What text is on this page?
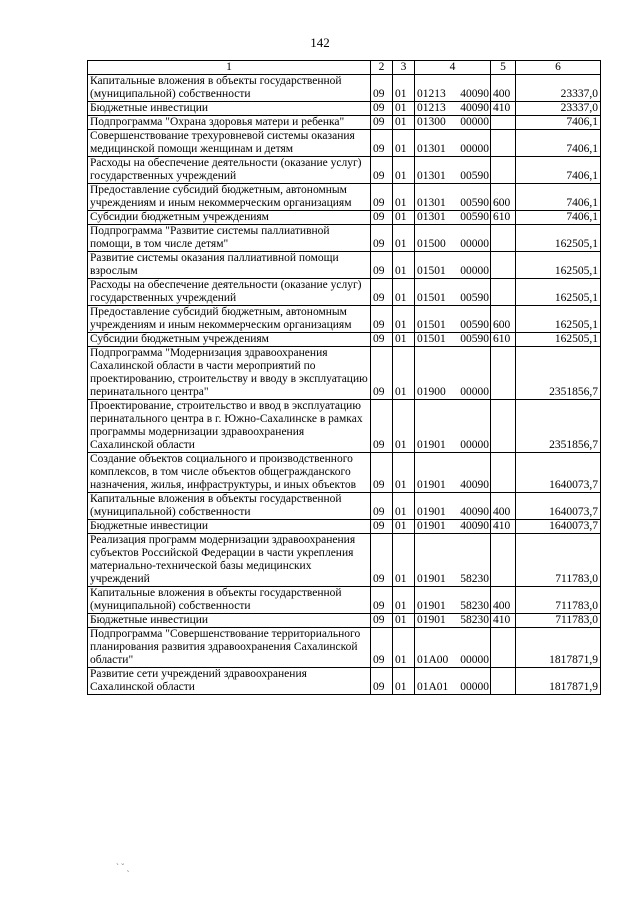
142
1	2	3	4	5	6
Капитальные вложения в объекты государственной (муниципальной) собственности	09	01	01213 40090	400	23337,0
Бюджетные инвестиции	09	01	01213 40090	410	23337,0
Подпрограмма "Охрана здоровья матери и ребенка"	09	01	01300 00000		7406,1
Совершенствование трехуровневой системы оказания медицинской помощи женщинам и детям	09	01	01301 00000		7406,1
Расходы на обеспечение деятельности (оказание услуг) государственных учреждений	09	01	01301 00590		7406,1
Предоставление субсидий бюджетным, автономным учреждениям и иным некоммерческим организациям	09	01	01301 00590	600	7406,1
Субсидии бюджетным учреждениям	09	01	01301 00590	610	7406,1
Подпрограмма "Развитие системы паллиативной помощи, в том числе детям"	09	01	01500 00000		162505,1
Развитие системы оказания паллиативной помощи взрослым	09	01	01501 00000		162505,1
Расходы на обеспечение деятельности (оказание услуг) государственных учреждений	09	01	01501 00590		162505,1
Предоставление субсидий бюджетным, автономным учреждениям и иным некоммерческим организациям	09	01	01501 00590	600	162505,1
Субсидии бюджетным учреждениям	09	01	01501 00590	610	162505,1
Подпрограмма "Модернизация здравоохранения Сахалинской области в части мероприятий по проектированию, строительству и вводу в эксплуатацию перинатального центра"	09	01	01900 00000		2351856,7
Проектирование, строительство и ввод в эксплуатацию перинатального центра в г. Южно-Сахалинске в рамках программы модернизации здравоохранения Сахалинской области	09	01	01901 00000		2351856,7
Создание объектов социального и производственного комплексов, в том числе объектов общегражданского назначения, жилья, инфраструктуры, и иных объектов	09	01	01901 40090		1640073,7
Капитальные вложения в объекты государственной (муниципальной) собственности	09	01	01901 40090	400	1640073,7
Бюджетные инвестиции	09	01	01901 40090	410	1640073,7
Реализация программ модернизации здравоохранения субъектов Российской Федерации в части укрепления материально-технической базы медицинских учреждений	09	01	01901 58230		711783,0
Капитальные вложения в объекты государственной (муниципальной) собственности	09	01	01901 58230	400	711783,0
Бюджетные инвестиции	09	01	01901 58230	410	711783,0
Подпрограмма "Совершенствование территориального планирования развития здравоохранения Сахалинской области"	09	01	01А00 00000		1817871,9
Развитие сети учреждений здравоохранения Сахалинской области	09	01	01А01 00000		1817871,9
` ˘ ˏ
